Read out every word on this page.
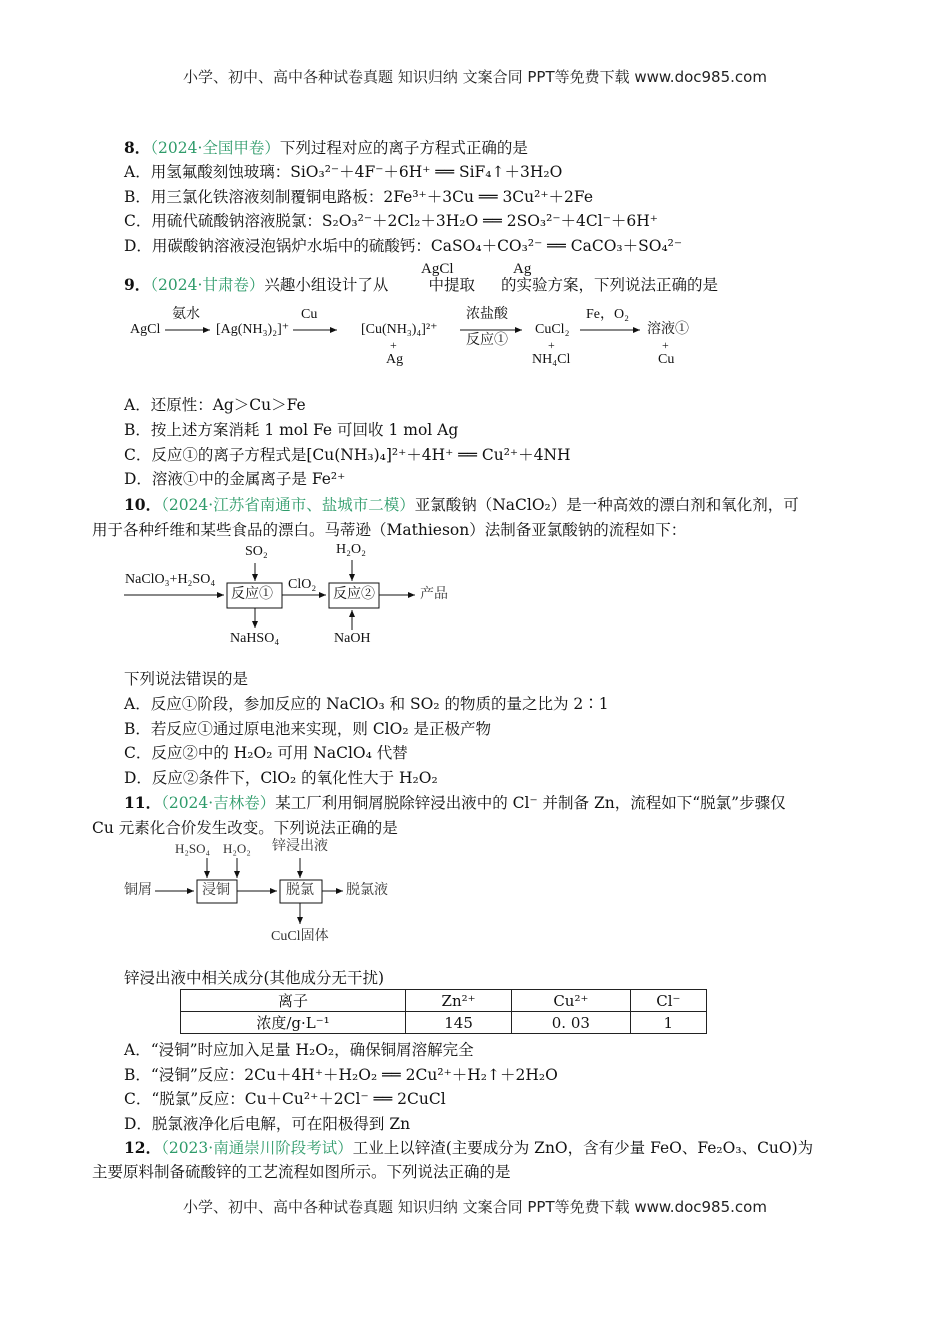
小学、初中、高中各种试卷真题 知识归纳 文案合同 PPT等免费下载 www.doc985.com
8．（2024·全国甲卷）下列过程对应的离子方程式正确的是
A．用氢氟酸刻蚀玻璃：SiO₃²⁻＋4F⁻＋6H⁺ ══ SiF₄↑＋3H₂O
B．用三氯化铁溶液刻制覆铜电路板：2Fe³⁺＋3Cu ══ 3Cu²⁺＋2Fe
C．用硫代硫酸钠溶液脱氯：S₂O₃²⁻＋2Cl₂＋3H₂O ══ 2SO₃²⁻＋4Cl⁻＋6H⁺
D．用碳酸钠溶液浸泡锅炉水垢中的硫酸钙：CaSO₄＋CO₃²⁻ ══ CaCO₃＋SO₄²⁻
9．（2024·甘肃卷）兴趣小组设计了从	中提取 的实验方案，下列说法正确的是
AgCl	Ag
AgCl
氨水
[Ag(NH₃)₂]⁺
Cu
[Cu(NH₃)₄]²⁺
+
Ag
浓盐酸
反应①
CuCl₂
+
NH₄Cl
Fe，O₂
溶液①
+
Cu
A．还原性：Ag＞Cu＞Fe
B．按上述方案消耗 1 mol Fe 可回收 1 mol Ag
C．反应①的离子方程式是[Cu(NH₃)₄]²⁺＋4H⁺ ══ Cu²⁺＋4NH
D．溶液①中的金属离子是 Fe²⁺
10．（2024·江苏省南通市、盐城市二模）亚氯酸钠（NaClO₂）是一种高效的漂白剂和氧化剂，可
用于各种纤维和某些食品的漂白。马蒂逊（Mathieson）法制备亚氯酸钠的流程如下：
NaClO₃+H₂SO₄
SO₂
反应①
ClO₂
H₂O₂
反应②	产品
NaHSO₄	NaOH
下列说法错误的是
A．反应①阶段，参加反应的 NaClO₃ 和 SO₂ 的物质的量之比为 2∶1
B．若反应①通过原电池来实现，则 ClO₂ 是正极产物
C．反应②中的 H₂O₂ 可用 NaClO₄ 代替
D．反应②条件下，ClO₂ 的氧化性大于 H₂O₂
11．（2024·吉林卷）某工厂利用铜屑脱除锌浸出液中的 Cl⁻ 并制备 Zn，流程如下“脱氯”步骤仅
Cu 元素化合价发生改变。下列说法正确的是
H₂SO₄ H₂O₂ 锌浸出液
铜屑	浸铜	脱氯 脱氯液
CuCl固体
锌浸出液中相关成分(其他成分无干扰)
离子	Zn²⁺	Cu²⁺	Cl⁻
浓度/g·L⁻¹	145	0. 03	1
A．“浸铜”时应加入足量 H₂O₂，确保铜屑溶解完全
B．“浸铜”反应：2Cu＋4H⁺＋H₂O₂ ══ 2Cu²⁺＋H₂↑＋2H₂O
C．“脱氯”反应：Cu＋Cu²⁺＋2Cl⁻ ══ 2CuCl
D．脱氯液净化后电解，可在阳极得到 Zn
12．（2023·南通崇川阶段考试）工业上以锌渣(主要成分为 ZnO，含有少量 FeO、Fe₂O₃、CuO)为
主要原料制备硫酸锌的工艺流程如图所示。下列说法正确的是
小学、初中、高中各种试卷真题 知识归纳 文案合同 PPT等免费下载 www.doc985.com
